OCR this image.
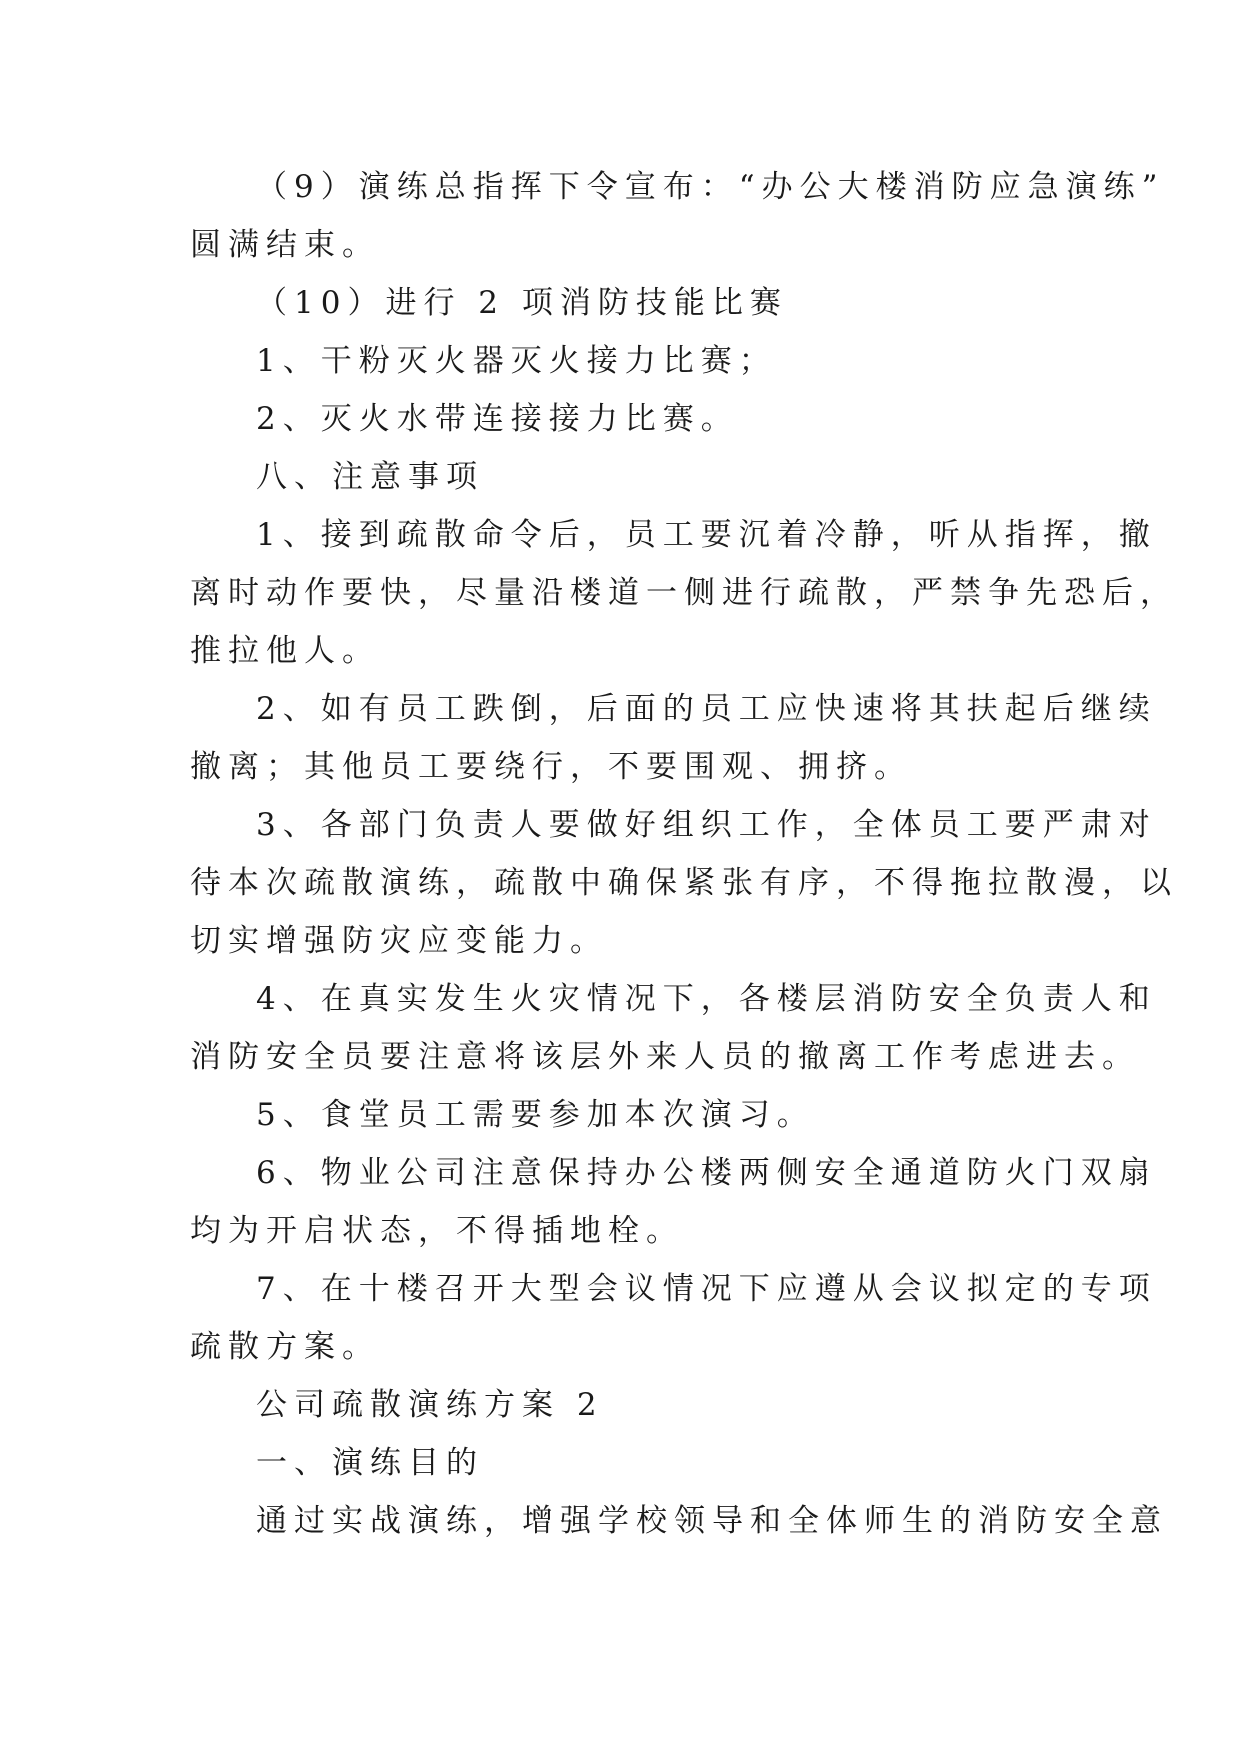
（9）演练总指挥下令宣布：“办公大楼消防应急演练”
圆满结束。
（10）进行 2 项消防技能比赛
1、干粉灭火器灭火接力比赛；
2、灭火水带连接接力比赛。
八、注意事项
1、接到疏散命令后，员工要沉着冷静，听从指挥，撤
离时动作要快，尽量沿楼道一侧进行疏散，严禁争先恐后，
推拉他人。
2、如有员工跌倒，后面的员工应快速将其扶起后继续
撤离；其他员工要绕行，不要围观、拥挤。
3、各部门负责人要做好组织工作，全体员工要严肃对
待本次疏散演练，疏散中确保紧张有序，不得拖拉散漫，以
切实增强防灾应变能力。
4、在真实发生火灾情况下，各楼层消防安全负责人和
消防安全员要注意将该层外来人员的撤离工作考虑进去。
5、食堂员工需要参加本次演习。
6、物业公司注意保持办公楼两侧安全通道防火门双扇
均为开启状态，不得插地栓。
7、在十楼召开大型会议情况下应遵从会议拟定的专项
疏散方案。
公司疏散演练方案 2
一、演练目的
通过实战演练，增强学校领导和全体师生的消防安全意
